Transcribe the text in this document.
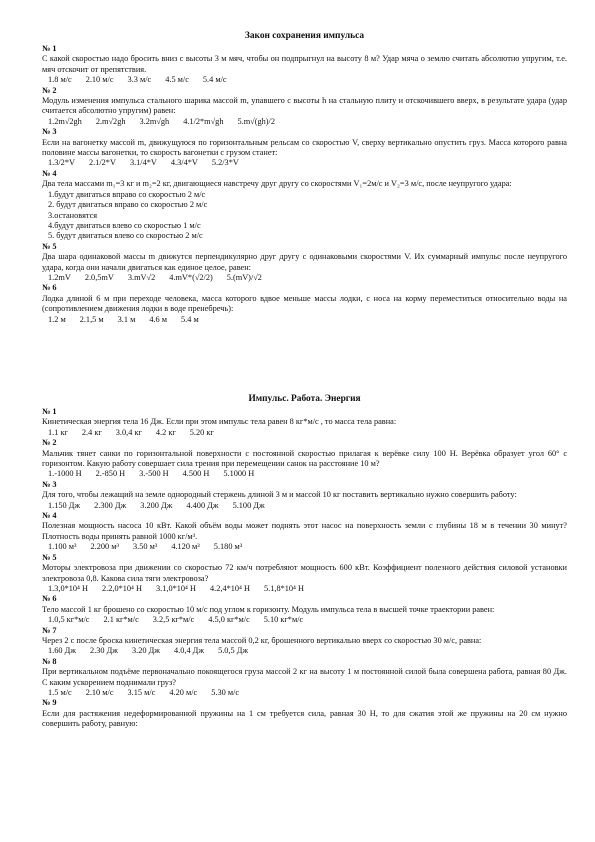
Закон сохранения импульса
№ 1
С какой скоростью надо бросить вниз с высоты 3 м мяч, чтобы он подпрыгнул на высоту 8 м? Удар мяча о землю считать абсолютно упругим, т.е. мяч отскочит от препятствия.
1.8 м/с 2.10 м/с 3.3 м/с 4.5 м/с 5.4 м/с
№ 2
Модуль изменения импульса стального шарика массой m, упавшего с высоты h на стальную плиту и отскочившего вверх, в результате удара (удар считается абсолютно упругим) равен:
1.2m√2gh 2.m√2gh 3.2m√gh 4.1/2*m√gh 5.m√(gh)/2
№ 3
Если на вагонетку массой m, движущуюся по горизонтальным рельсам со скоростью V, сверху вертикально опустить груз. Масса которого равна половине массы вагонетки, то скорость вагонетки с грузом станет:
1.3/2*V 2.1/2*V 3.1/4*V 4.3/4*V 5.2/3*V
№ 4
Два тела массами m₁=3 кг и m₂=2 кг, двигающиеся навстречу друг другу со скоростями V₁=2м/с и V₂=3 м/с, после неупругого удара:
1.будут двигаться вправо со скоростью 2 м/с
2. будут двигаться вправо со скоростью 2 м/с
3.остановятся
4.будут двигаться влево со скоростью 1 м/с
5. будут двигаться влево со скоростью 2 м/с
№ 5
Два шара одинаковой массы m движутся перпендикулярно друг другу с одинаковыми скоростями V. Их суммарный импульс после неупругого удара, когда они начали двигаться как единое целое, равен:
1.2mV 2.0,5mV 3.mV√2 4.mV*(√2/2) 5.(mV)/√2
№ 6
Лодка длиной 6 м при переходе человека, масса которого вдвое меньше массы лодки, с носа на корму переместиться относительно воды на (сопротивлением движения лодки в воде пренебречь):
1.2 м 2.1,5 м 3.1 м 4.6 м 5.4 м
Импульс. Работа. Энергия
№ 1
Кинетическая энергия тела 16 Дж. Если при этом импульс тела равен 8 кг*м/с , то масса тела равна:
1.1 кг 2.4 кг 3.0,4 кг 4.2 кг 5.20 кг
№ 2
Мальчик тянет санки по горизонтальной поверхности с постоянной скоростью прилагая к верёвке силу 100 Н. Верёвка образует угол 60° с горизонтом. Какую работу совершает сила трения при перемещении санок на расстояние 10 м?
1.-1000 Н 2.-850 Н 3.-500 Н 4.500 Н 5.1000 Н
№ 3
Для того, чтобы лежащий на земле однородный стержень длиной 3 м и массой 10 кг поставить вертикально нужно совершить работу:
1.150 Дж 2.300 Дж 3.200 Дж 4.400 Дж 5.100 Дж
№ 4
Полезная мощность насоса 10 кВт. Какой объём воды может поднять этот насос на поверхность земли с глубины 18 м в течении 30 минут? Плотность воды принять равной 1000 кг/м³.
1.100 м³ 2.200 м³ 3.50 м³ 4.120 м³ 5.180 м³
№ 5
Моторы электровоза при движении со скоростью 72 км/ч потребляют мощность 600 кВт. Коэффициент полезного действия силовой установки электровоза 0,8. Какова сила тяги электровоза?
1.3,0*10⁴ Н 2.2,0*10⁴ Н 3.1,0*10⁴ Н 4.2,4*10⁴ Н 5.1,8*10⁴ Н
№ 6
Тело массой 1 кг брошено со скоростью 10 м/с под углом к горизонту. Модуль импульса тела в высшей точке траектории равен:
1.0,5 кг*м/с 2.1 кг*м/с 3.2,5 кг*м/с 4.5,0 кг*м/с 5.10 кг*м/с
№ 7
Через 2 с после броска кинетическая энергия тела массой 0,2 кг, брошенного вертикально вверх со скоростью 30 м/с, равна:
1.60 Дж 2.30 Дж 3.20 Дж 4.0,4 Дж 5.0,5 Дж
№ 8
При вертикальном подъёме первоначально покоящегося груза массой 2 кг на высоту 1 м постоянной силой была совершена работа, равная 80 Дж. С каким ускорением поднимали груз?
1.5 м/с 2.10 м/с 3.15 м/с 4.20 м/с 5.30 м/с
№ 9
Если для растяжения недеформированной пружины на 1 см требуется сила, равная 30 Н, то для сжатия этой же пружины на 20 см нужно совершить работу, равную:
